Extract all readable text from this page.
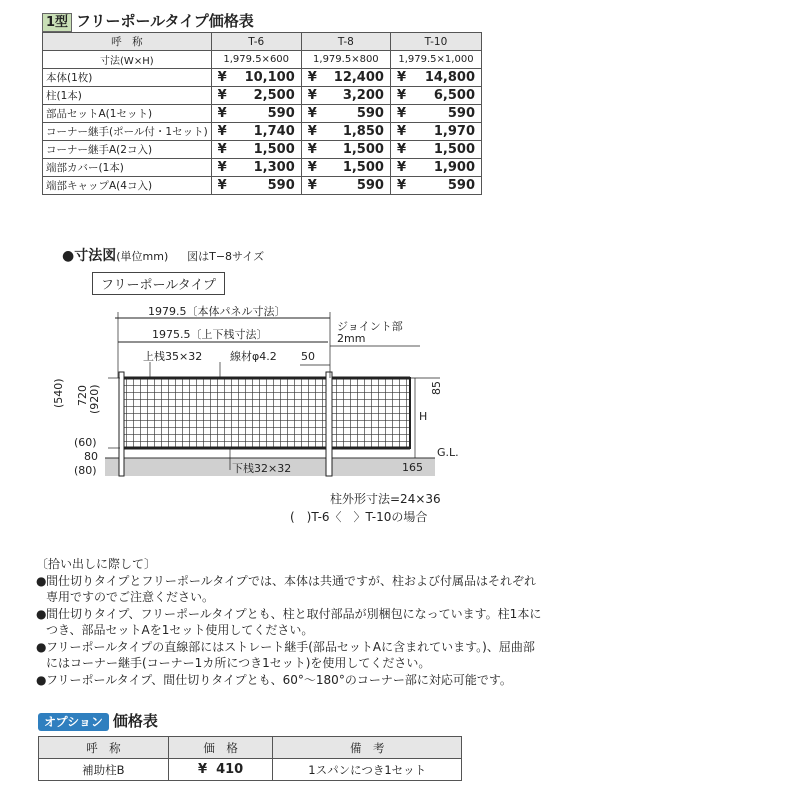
1型 フリーポールタイプ価格表
呼　称	T-6	T-8	T-10
寸法(W×H)	1,979.5×600	1,979.5×800	1,979.5×1,000
本体(1枚)	¥ 10,100	¥ 12,400	¥ 14,800

柱(1本)	¥ 2,500	¥ 3,200	¥ 6,500

部品セットA(1セット)	¥ 590	¥ 590	¥ 590

コーナー継手(ポール付・1セット)	¥ 1,740	¥ 1,850	¥ 1,970

コーナー継手A(2コ入)	¥ 1,500	¥ 1,500	¥ 1,500

端部カバー(1本)	¥ 1,300	¥ 1,500	¥ 1,900

端部キャップA(4コ入)	¥ 590	¥ 590	¥ 590
●寸法図(単位mm) 図はT−8サイズ
フリーポールタイプ
1979.5〔本体パネル寸法〕
1975.5〔上下桟寸法〕
ジョイント部
2mm
上桟35×32	線材φ4.2 50
(540) 720 (920)
(60)
80
(80)
85
H
G.L.
165
下桟32×32
柱外形寸法=24×36
(　)T-6〈　〉T-10の場合

〔拾い出しに際して〕

●間仕切りタイプとフリーポールタイプでは、本体は共通ですが、柱および付属品はそれぞれ

専用ですのでご注意ください。

●間仕切りタイプ、フリーポールタイプとも、柱と取付部品が別梱包になっています。柱1本に

つき、部品セットAを1セット使用してください。

●フリーポールタイプの直線部にはストレート継手(部品セットAに含まれています。)、屈曲部

にはコーナー継手(コーナー1カ所につき1セット)を使用してください。

●フリーポールタイプ、間仕切りタイプとも、60°〜180°のコーナー部に対応可能です。

オプション 価格表
呼　称	価　格	備　考
補助柱B	¥ 410	1スパンにつき1セット
